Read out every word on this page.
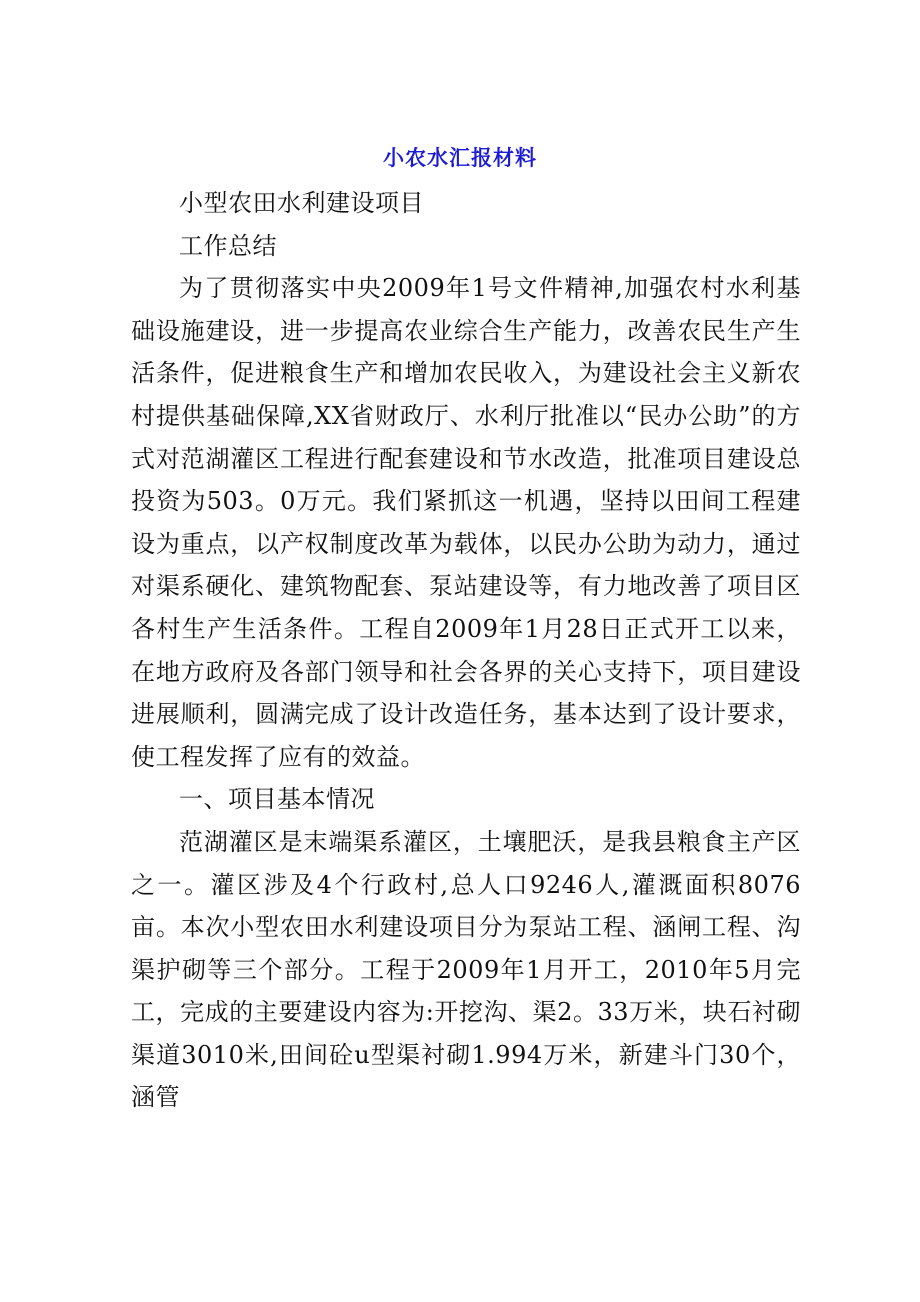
小农水汇报材料

小型农田水利建设项目

工作总结

为了贯彻落实中央2009年1号文件精神,加强农村水利基础设施建设，进一步提高农业综合生产能力，改善农民生产生活条件，促进粮食生产和增加农民收入，为建设社会主义新农村提供基础保障,XX省财政厅、水利厅批准以“民办公助”的方式对范湖灌区工程进行配套建设和节水改造，批准项目建设总投资为503。0万元。我们紧抓这一机遇，坚持以田间工程建设为重点，以产权制度改革为载体，以民办公助为动力，通过对渠系硬化、建筑物配套、泵站建设等，有力地改善了项目区各村生产生活条件。工程自2009年1月28日正式开工以来，在地方政府及各部门领导和社会各界的关心支持下，项目建设进展顺利，圆满完成了设计改造任务，基本达到了设计要求，使工程发挥了应有的效益。

一、项目基本情况

范湖灌区是末端渠系灌区，土壤肥沃，是我县粮食主产区之一。灌区涉及4个行政村,总人口9246人,灌溉面积8076亩。本次小型农田水利建设项目分为泵站工程、涵闸工程、沟渠护砌等三个部分。工程于2009年1月开工，2010年5月完工，完成的主要建设内容为:开挖沟、渠2。33万米，块石衬砌渠道3010米,田间砼u型渠衬砌1.994万米，新建斗门30个，涵管
